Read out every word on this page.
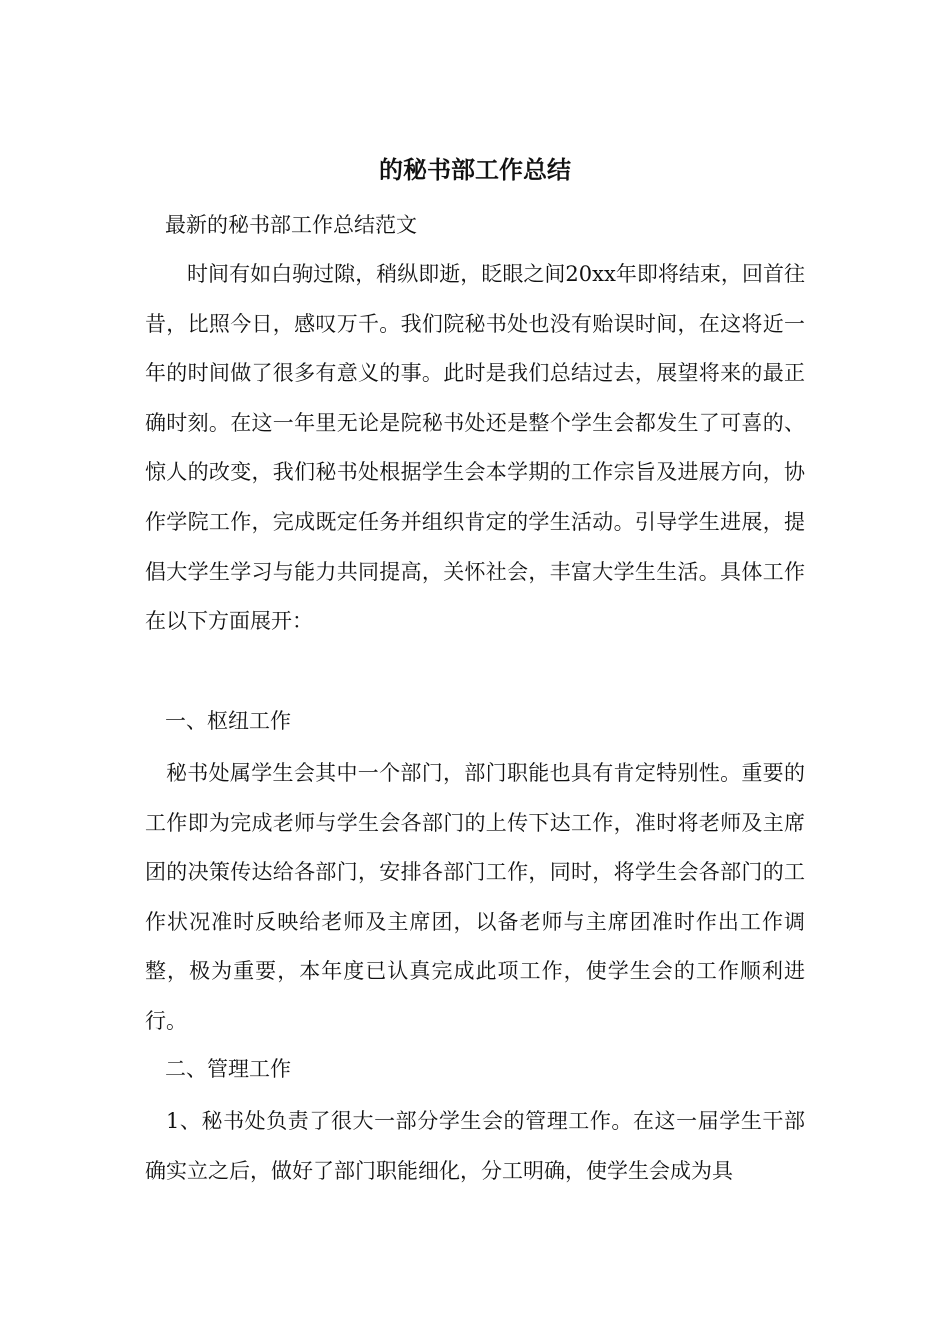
的秘书部工作总结

最新的秘书部工作总结范文

　时间有如白驹过隙，稍纵即逝，眨眼之间20xx年即将结束，回首往昔，比照今日，感叹万千。我们院秘书处也没有贻误时间，在这将近一年的时间做了很多有意义的事。此时是我们总结过去，展望将来的最正确时刻。在这一年里无论是院秘书处还是整个学生会都发生了可喜的、惊人的改变，我们秘书处根据学生会本学期的工作宗旨及进展方向，协作学院工作，完成既定任务并组织肯定的学生活动。引导学生进展，提倡大学生学习与能力共同提高，关怀社会，丰富大学生生活。具体工作在以下方面展开：

一、枢纽工作

秘书处属学生会其中一个部门，部门职能也具有肯定特别性。重要的工作即为完成老师与学生会各部门的上传下达工作，准时将老师及主席团的决策传达给各部门，安排各部门工作，同时，将学生会各部门的工作状况准时反映给老师及主席团，以备老师与主席团准时作出工作调整，极为重要，本年度已认真完成此项工作，使学生会的工作顺利进行。

二、管理工作

1、秘书处负责了很大一部分学生会的管理工作。在这一届学生干部确实立之后，做好了部门职能细化，分工明确，使学生会成为具
